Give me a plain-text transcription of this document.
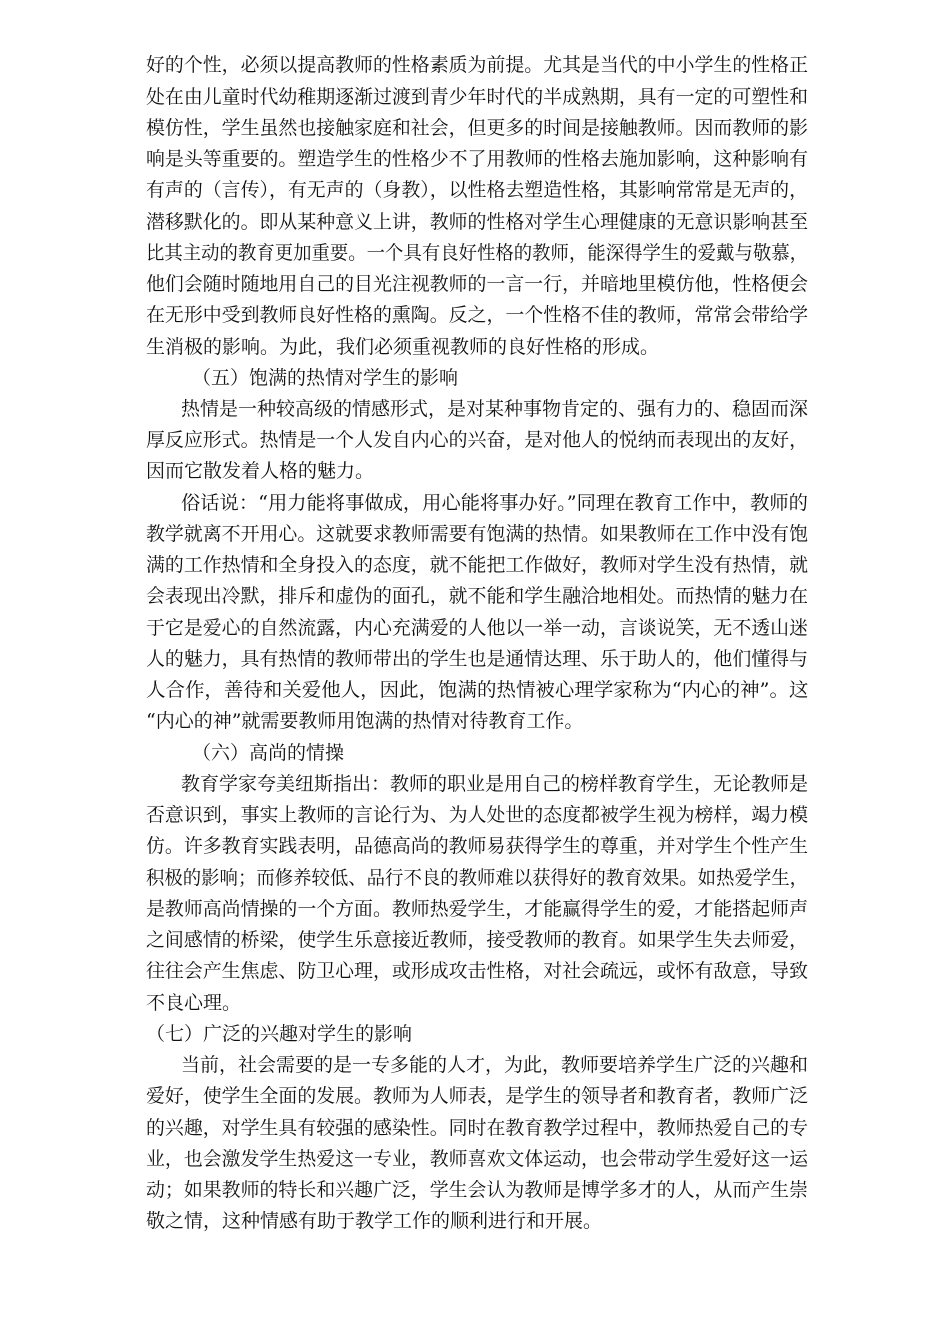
好的个性，必须以提高教师的性格素质为前提。尤其是当代的中小学生的性格正
处在由儿童时代幼稚期逐渐过渡到青少年时代的半成熟期，具有一定的可塑性和
模仿性，学生虽然也接触家庭和社会，但更多的时间是接触教师。因而教师的影
响是头等重要的。塑造学生的性格少不了用教师的性格去施加影响，这种影响有
有声的（言传），有无声的（身教），以性格去塑造性格，其影响常常是无声的，
潜移默化的。即从某种意义上讲，教师的性格对学生心理健康的无意识影响甚至
比其主动的教育更加重要。一个具有良好性格的教师，能深得学生的爱戴与敬慕，
他们会随时随地用自己的目光注视教师的一言一行，并暗地里模仿他，性格便会
在无形中受到教师良好性格的熏陶。反之，一个性格不佳的教师，常常会带给学
生消极的影响。为此，我们必须重视教师的良好性格的形成。
（五）饱满的热情对学生的影响
热情是一种较高级的情感形式，是对某种事物肯定的、强有力的、稳固而深
厚反应形式。热情是一个人发自内心的兴奋，是对他人的悦纳而表现出的友好，
因而它散发着人格的魅力。
俗话说：“用力能将事做成，用心能将事办好。”同理在教育工作中，教师的
教学就离不开用心。这就要求教师需要有饱满的热情。如果教师在工作中没有饱
满的工作热情和全身投入的态度，就不能把工作做好，教师对学生没有热情，就
会表现出冷默，排斥和虚伪的面孔，就不能和学生融洽地相处。而热情的魅力在
于它是爱心的自然流露，内心充满爱的人他以一举一动，言谈说笑，无不透山迷
人的魅力，具有热情的教师带出的学生也是通情达理、乐于助人的，他们懂得与
人合作，善待和关爱他人，因此，饱满的热情被心理学家称为“内心的神”。这
“内心的神”就需要教师用饱满的热情对待教育工作。
（六）高尚的情操
教育学家夸美纽斯指出：教师的职业是用自己的榜样教育学生，无论教师是
否意识到，事实上教师的言论行为、为人处世的态度都被学生视为榜样，竭力模
仿。许多教育实践表明，品德高尚的教师易获得学生的尊重，并对学生个性产生
积极的影响；而修养较低、品行不良的教师难以获得好的教育效果。如热爱学生，
是教师高尚情操的一个方面。教师热爱学生，才能赢得学生的爱，才能搭起师声
之间感情的桥梁，使学生乐意接近教师，接受教师的教育。如果学生失去师爱，
往往会产生焦虑、防卫心理，或形成攻击性格，对社会疏远，或怀有敌意，导致
不良心理。
（七）广泛的兴趣对学生的影响
当前，社会需要的是一专多能的人才，为此，教师要培养学生广泛的兴趣和
爱好，使学生全面的发展。教师为人师表，是学生的领导者和教育者，教师广泛
的兴趣，对学生具有较强的感染性。同时在教育教学过程中，教师热爱自己的专
业，也会激发学生热爱这一专业，教师喜欢文体运动，也会带动学生爱好这一运
动；如果教师的特长和兴趣广泛，学生会认为教师是博学多才的人，从而产生崇
敬之情，这种情感有助于教学工作的顺利进行和开展。
